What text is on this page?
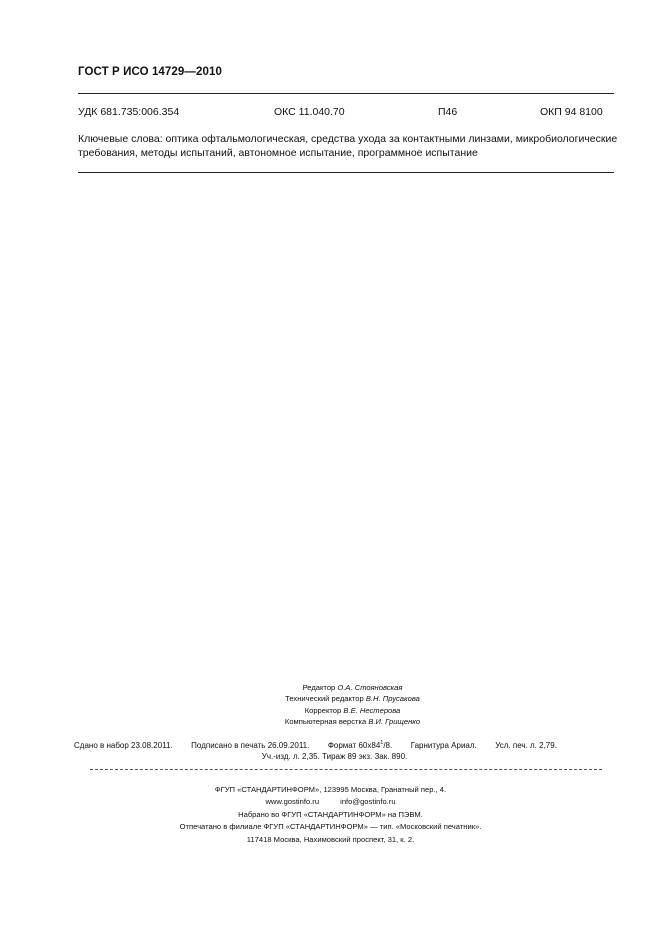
ГОСТ Р ИСО 14729—2010
УДК 681.735:006.354	ОКС 11.040.70	П46	ОКП 94 8100
Ключевые слова: оптика офтальмологическая, средства ухода за контактными линзами, микробиологические требования, методы испытаний, автономное испытание, программное испытание
Редактор О.А. Стояновская
Технический редактор В.Н. Прусакова
Корректор В.Е. Нестерова
Компьютерная верстка В.И. Грищенко
Сдано в набор 23.08.2011. Подписано в печать 26.09.2011. Формат $60х84^1/8$. Гарнитура Ариал. Усл. печ. л. 2,79.
Уч.-изд. л. 2,35. Тираж 89 экз. Зак. 890.
ФГУП «СТАНДАРТИНФОРМ», 123995 Москва, Гранатный пер., 4.
www.gostinfo.ru          info@gostinfo.ru
Набрано во ФГУП «СТАНДАРТИНФОРМ» на ПЭВМ.
Отпечатано в филиале ФГУП «СТАНДАРТИНФОРМ» — тип. «Московский печатник».
117418 Москва, Нахимовский проспект, 31, к. 2.
